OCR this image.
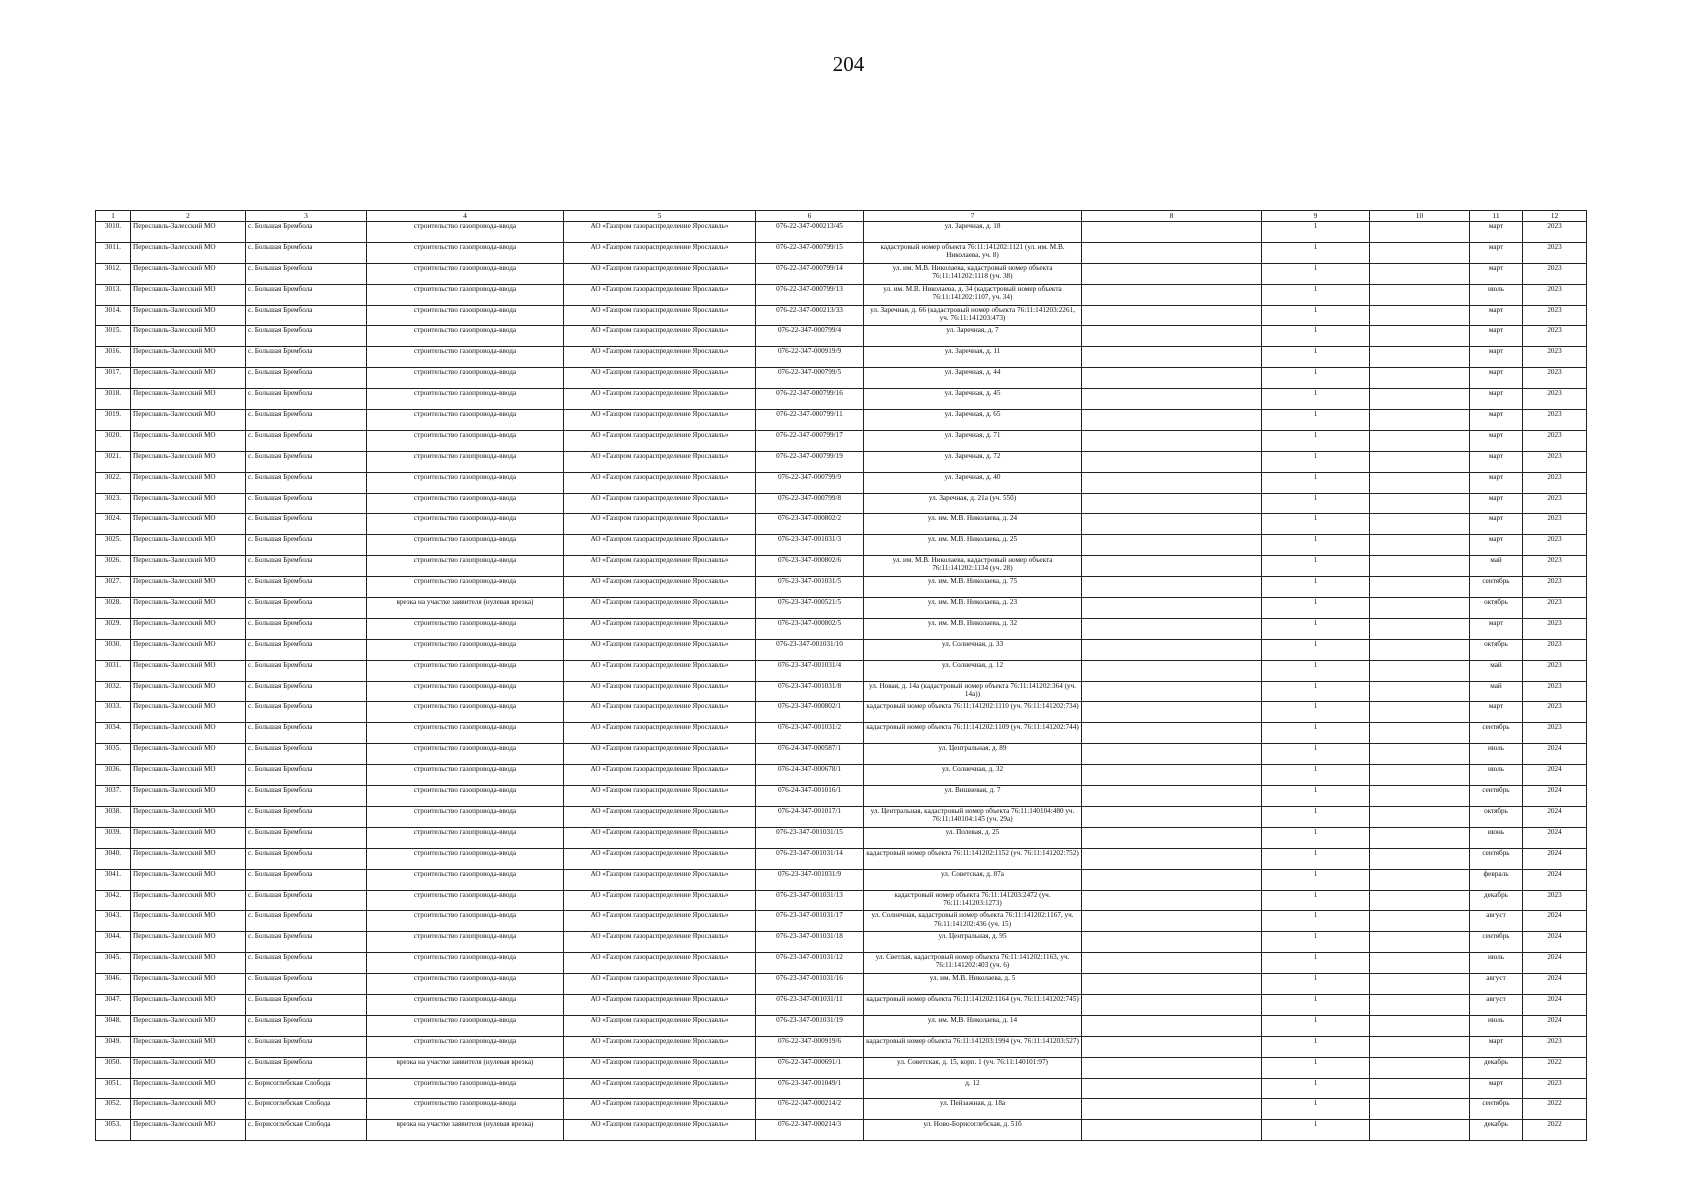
204
1	2	3	4	5	6	7	8	9	10	11	12
3010.	Переславль-Залесский МО	с. Большая Брембола	строительство газопровода-ввода	АО «Газпром газораспределение Ярославль»	076-22-347-000213/45	ул. Заречная, д. 18		1		март	2023
3011.	Переславль-Залесский МО	с. Большая Брембола	строительство газопровода-ввода	АО «Газпром газораспределение Ярославль»	076-22-347-000799/15	кадастровый номер объекта 76:11:141202:1121 (ул. им. М.В. Николаева, уч. 8)		1		март	2023
3012.	Переславль-Залесский МО	с. Большая Брембола	строительство газопровода-ввода	АО «Газпром газораспределение Ярославль»	076-22-347-000799/14	ул. им. М.В. Николаева, кадастровый номер объекта 76:11:141202:1118 (уч. 38)		1		март	2023
3013.	Переславль-Залесский МО	с. Большая Брембола	строительство газопровода-ввода	АО «Газпром газораспределение Ярославль»	076-22-347-000799/13	ул. им. М.В. Николаева, д. 34 (кадастровый номер объекта 76:11:141202:1107, уч. 34)		1		июль	2023
3014.	Переславль-Залесский МО	с. Большая Брембола	строительство газопровода-ввода	АО «Газпром газораспределение Ярославль»	076-22-347-000213/33	ул. Заречная, д. 66 (кадастровый номер объекта 76:11:141203:2261, уч. 76:11:141203:473)		1		март	2023
3015.	Переславль-Залесский МО	с. Большая Брембола	строительство газопровода-ввода	АО «Газпром газораспределение Ярославль»	076-22-347-000799/4	ул. Заречная, д. 7		1		март	2023
3016.	Переславль-Залесский МО	с. Большая Брембола	строительство газопровода-ввода	АО «Газпром газораспределение Ярославль»	076-22-347-000919/9	ул. Заречная, д. 11		1		март	2023
3017.	Переславль-Залесский МО	с. Большая Брембола	строительство газопровода-ввода	АО «Газпром газораспределение Ярославль»	076-22-347-000799/5	ул. Заречная, д. 44		1		март	2023
3018.	Переславль-Залесский МО	с. Большая Брембола	строительство газопровода-ввода	АО «Газпром газораспределение Ярославль»	076-22-347-000799/16	ул. Заречная, д. 45		1		март	2023
3019.	Переславль-Залесский МО	с. Большая Брембола	строительство газопровода-ввода	АО «Газпром газораспределение Ярославль»	076-22-347-000799/11	ул. Заречная, д. 65		1		март	2023
3020.	Переславль-Залесский МО	с. Большая Брембола	строительство газопровода-ввода	АО «Газпром газораспределение Ярославль»	076-22-347-000799/17	ул. Заречная, д. 71		1		март	2023
3021.	Переславль-Залесский МО	с. Большая Брембола	строительство газопровода-ввода	АО «Газпром газораспределение Ярославль»	076-22-347-000799/19	ул. Заречная, д. 72		1		март	2023
3022.	Переславль-Залесский МО	с. Большая Брембола	строительство газопровода-ввода	АО «Газпром газораспределение Ярославль»	076-22-347-000799/9	ул. Заречная, д. 40		1		март	2023
3023.	Переславль-Залесский МО	с. Большая Брембола	строительство газопровода-ввода	АО «Газпром газораспределение Ярославль»	076-22-347-000799/8	ул. Заречная, д. 21а (уч. 55б)		1		март	2023
3024.	Переславль-Залесский МО	с. Большая Брембола	строительство газопровода-ввода	АО «Газпром газораспределение Ярославль»	076-23-347-000802/2	ул. им. М.В. Николаева, д. 24		1		март	2023
3025.	Переславль-Залесский МО	с. Большая Брембола	строительство газопровода-ввода	АО «Газпром газораспределение Ярославль»	076-23-347-001031/3	ул. им. М.В. Николаева, д. 25		1		март	2023
3026.	Переславль-Залесский МО	с. Большая Брембола	строительство газопровода-ввода	АО «Газпром газораспределение Ярославль»	076-23-347-000802/6	ул. им. М.В. Николаева, кадастровый номер объекта 76:11:141202:1134 (уч. 28)		1		май	2023
3027.	Переславль-Залесский МО	с. Большая Брембола	строительство газопровода-ввода	АО «Газпром газораспределение Ярославль»	076-23-347-001031/5	ул. им. М.В. Николаева, д. 75		1		сентябрь	2023
3028.	Переславль-Залесский МО	с. Большая Брембола	врезка на участке заявителя (нулевая врезка)	АО «Газпром газораспределение Ярославль»	076-23-347-000521/5	ул. им. М.В. Николаева, д. 23		1		октябрь	2023
3029.	Переславль-Залесский МО	с. Большая Брембола	строительство газопровода-ввода	АО «Газпром газораспределение Ярославль»	076-23-347-000802/5	ул. им. М.В. Николаева, д. 32		1		март	2023
3030.	Переславль-Залесский МО	с. Большая Брембола	строительство газопровода-ввода	АО «Газпром газораспределение Ярославль»	076-23-347-001031/10	ул. Солнечная, д. 33		1		октябрь	2023
3031.	Переславль-Залесский МО	с. Большая Брембола	строительство газопровода-ввода	АО «Газпром газораспределение Ярославль»	076-23-347-001031/4	ул. Солнечная, д. 12		1		май	2023
3032.	Переславль-Залесский МО	с. Большая Брембола	строительство газопровода-ввода	АО «Газпром газораспределение Ярославль»	076-23-347-001031/8	ул. Новая, д. 14а (кадастровый номер объекта 76:11:141202:364 (уч. 14а))		1		май	2023
3033.	Переславль-Залесский МО	с. Большая Брембола	строительство газопровода-ввода	АО «Газпром газораспределение Ярославль»	076-23-347-000802/1	кадастровый номер объекта 76:11:141202:1110 (уч. 76:11:141202:734)		1		март	2023
3034.	Переславль-Залесский МО	с. Большая Брембола	строительство газопровода-ввода	АО «Газпром газораспределение Ярославль»	076-23-347-001031/2	кадастровый номер объекта 76:11:141202:1109 (уч. 76:11:141202:744)		1		сентябрь	2023
3035.	Переславль-Залесский МО	с. Большая Брембола	строительство газопровода-ввода	АО «Газпром газораспределение Ярославль»	076-24-347-000587/1	ул. Центральная, д. 89		1		июль	2024
3036.	Переславль-Залесский МО	с. Большая Брембола	строительство газопровода-ввода	АО «Газпром газораспределение Ярославль»	076-24-347-000678/1	ул. Солнечная, д. 32		1		июль	2024
3037.	Переславль-Залесский МО	с. Большая Брембола	строительство газопровода-ввода	АО «Газпром газораспределение Ярославль»	076-24-347-001016/1	ул. Вишневая, д. 7		1		сентябрь	2024
3038.	Переславль-Залесский МО	с. Большая Брембола	строительство газопровода-ввода	АО «Газпром газораспределение Ярославль»	076-24-347-001017/1	ул. Центральная, кадастровый номер объекта 76:11:140104:480 уч. 76:11:140104:145 (уч. 29а)		1		октябрь	2024
3039.	Переславль-Залесский МО	с. Большая Брембола	строительство газопровода-ввода	АО «Газпром газораспределение Ярославль»	076-23-347-001031/15	ул. Полевая, д. 25		1		июнь	2024
3040.	Переславль-Залесский МО	с. Большая Брембола	строительство газопровода-ввода	АО «Газпром газораспределение Ярославль»	076-23-347-001031/14	кадастровый номер объекта 76:11:141202:1152 (уч. 76:11:141202:752)		1		сентябрь	2024
3041.	Переславль-Залесский МО	с. Большая Брембола	строительство газопровода-ввода	АО «Газпром газораспределение Ярославль»	076-23-347-001031/9	ул. Советская, д. 87а		1		февраль	2024
3042.	Переславль-Залесский МО	с. Большая Брембола	строительство газопровода-ввода	АО «Газпром газораспределение Ярославль»	076-23-347-001031/13	кадастровый номер объекта 76:11:141203:2472 (уч. 76:11:141203:1273)		1		декабрь	2023
3043.	Переславль-Залесский МО	с. Большая Брембола	строительство газопровода-ввода	АО «Газпром газораспределение Ярославль»	076-23-347-001031/17	ул. Солнечная, кадастровый номер объекта 76:11:141202:1167, уч. 76:11:141202:436 (уч. 15)		1		август	2024
3044.	Переславль-Залесский МО	с. Большая Брембола	строительство газопровода-ввода	АО «Газпром газораспределение Ярославль»	076-23-347-001031/18	ул. Центральная, д. 95		1		сентябрь	2024
3045.	Переславль-Залесский МО	с. Большая Брембола	строительство газопровода-ввода	АО «Газпром газораспределение Ярославль»	076-23-347-001031/12	ул. Светлая, кадастровый номер объекта 76:11:141202:1163, уч. 76:11:141202:403 (уч. 6)		1		июль	2024
3046.	Переславль-Залесский МО	с. Большая Брембола	строительство газопровода-ввода	АО «Газпром газораспределение Ярославль»	076-23-347-001031/16	ул. им. М.В. Николаева, д. 5		1		август	2024
3047.	Переславль-Залесский МО	с. Большая Брембола	строительство газопровода-ввода	АО «Газпром газораспределение Ярославль»	076-23-347-001031/11	кадастровый номер объекта 76:11:141202:1164 (уч. 76:11:141202:745)		1		август	2024
3048.	Переславль-Залесский МО	с. Большая Брембола	строительство газопровода-ввода	АО «Газпром газораспределение Ярославль»	076-23-347-001031/19	ул. им. М.В. Николаева, д. 14		1		июль	2024
3049.	Переславль-Залесский МО	с. Большая Брембола	строительство газопровода-ввода	АО «Газпром газораспределение Ярославль»	076-22-347-000919/6	кадастровый номер объекта 76:11:141203:1994 (уч. 76:11:141203:527)		1		март	2023
3050.	Переславль-Залесский МО	с. Большая Брембола	врезка на участке заявителя (нулевая врезка)	АО «Газпром газораспределение Ярославль»	076-22-347-000691/1	ул. Советская, д. 15, корп. 1 (уч. 76:11:140101:97)		1		декабрь	2022
3051.	Переславль-Залесский МО	с. Борисоглебская Слобода	строительство газопровода-ввода	АО «Газпром газораспределение Ярославль»	076-23-347-001049/1	д. 12		1		март	2023
3052.	Переславль-Залесский МО	с. Борисоглебская Слобода	строительство газопровода-ввода	АО «Газпром газораспределение Ярославль»	076-22-347-000214/2	ул. Пейзажная, д. 18а		1		сентябрь	2022
3053.	Переславль-Залесский МО	с. Борисоглебская Слобода	врезка на участке заявителя (нулевая врезка)	АО «Газпром газораспределение Ярославль»	076-22-347-000214/3	ул. Ново-Борисоглебская, д. 51б		1		декабрь	2022
